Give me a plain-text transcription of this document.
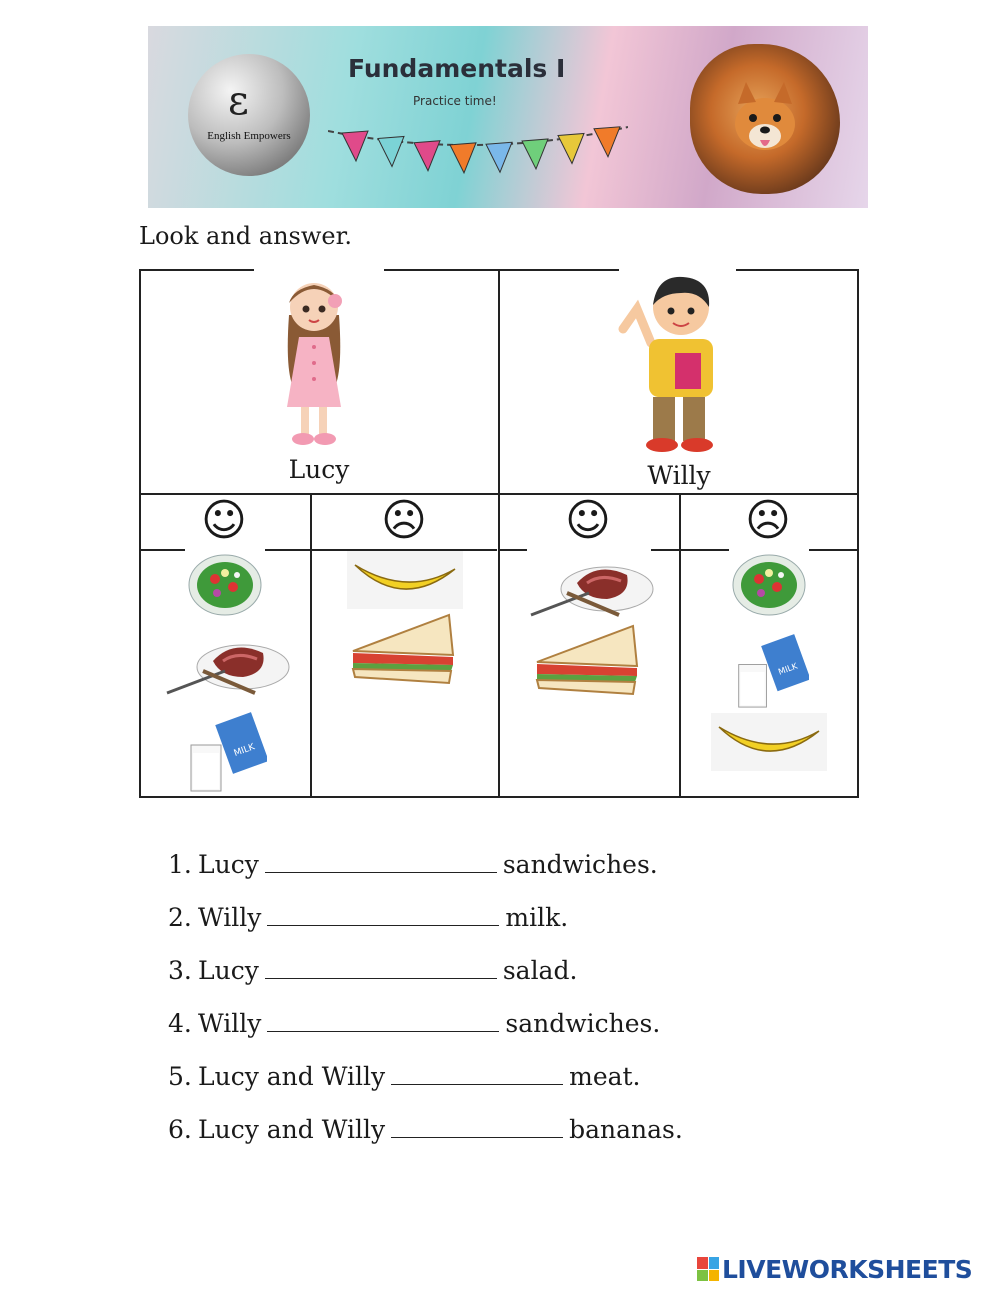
ɛ
English Empowers
Fundamentals I
Practice time!
Look and answer.
Lucy	Willy
☺	☹	☺	☹
MILK
MILK
1. Lucy	sandwiches.
2. Willy	milk.
3. Lucy	salad.
4. Willy	sandwiches.
5. Lucy and Willy	meat.
6. Lucy and Willy	bananas.
LIVEWORKSHEETS
